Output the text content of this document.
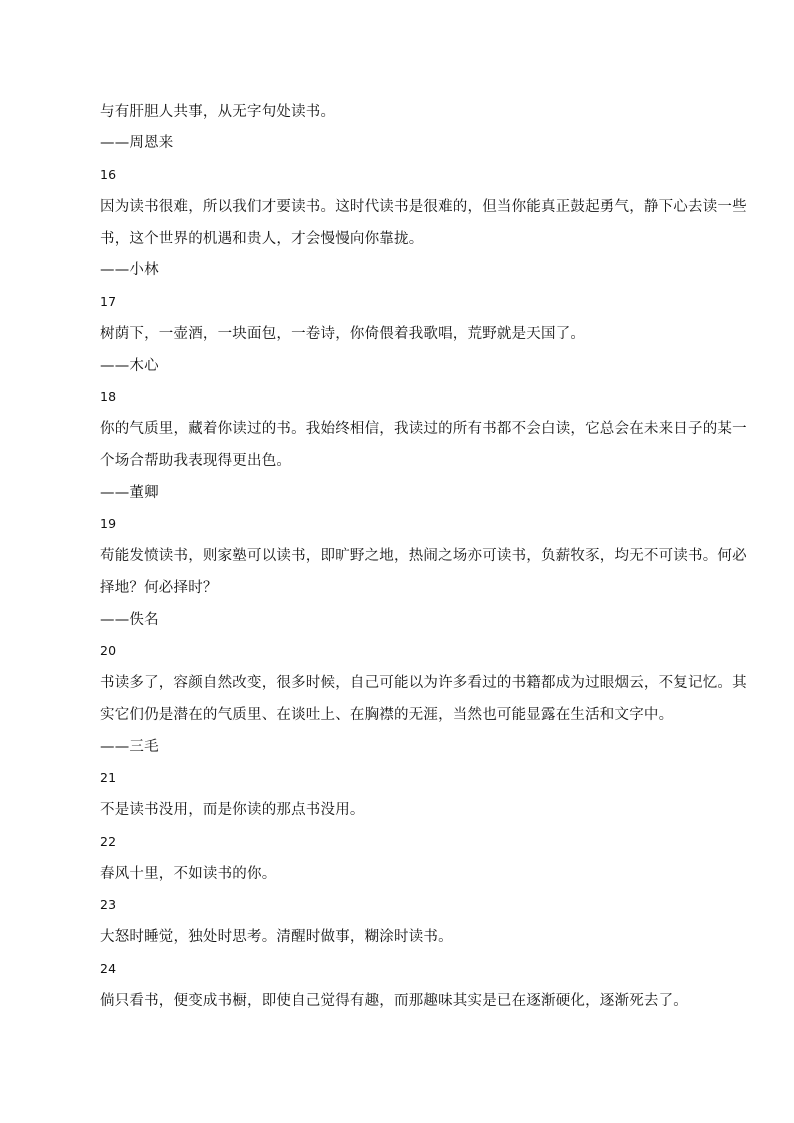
与有肝胆人共事，从无字句处读书。
——周恩来
16
因为读书很难，所以我们才要读书。这时代读书是很难的，但当你能真正鼓起勇气，静下心去读一些
书，这个世界的机遇和贵人，才会慢慢向你靠拢。
——小林
17
树荫下，一壶酒，一块面包，一卷诗，你倚偎着我歌唱，荒野就是天国了。
——木心
18
你的气质里，藏着你读过的书。我始终相信，我读过的所有书都不会白读，它总会在未来日子的某一
个场合帮助我表现得更出色。
——董卿
19
苟能发愤读书，则家塾可以读书，即旷野之地，热闹之场亦可读书，负薪牧豕，均无不可读书。何必
择地？何必择时？
——佚名
20
书读多了，容颜自然改变，很多时候，自己可能以为许多看过的书籍都成为过眼烟云，不复记忆。其
实它们仍是潜在的气质里、在谈吐上、在胸襟的无涯，当然也可能显露在生活和文字中。
——三毛
21
不是读书没用，而是你读的那点书没用。
22
春风十里，不如读书的你。
23
大怒时睡觉，独处时思考。清醒时做事，糊涂时读书。
24
倘只看书，便变成书橱，即使自己觉得有趣，而那趣味其实是已在逐渐硬化，逐渐死去了。
